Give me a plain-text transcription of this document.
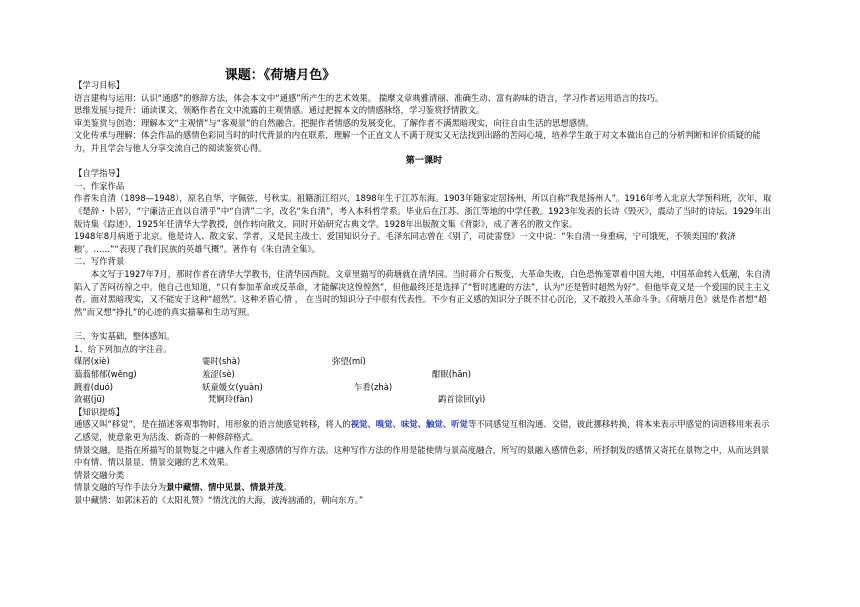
课题：《荷塘月色》

【学习目标】

语言建构与运用：认识“通感”的修辞方法，体会本文中“通感”所产生的艺术效果。 揣摩文章典雅清丽、准确生动、富有韵味的语言，学习作者运用语言的技巧。

思维发展与提升：诵读课文，领略作者在文中流露的主观情感。通过把握本文的情感脉络，学习鉴赏抒情散文。

审美鉴赏与创造：理解本文“主观情”与“客观景”的自然融合。把握作者情感的发展变化，了解作者不满黑暗现实，向往自由生活的思想感情。

文化传承与理解：体会作品的感情色彩同当时的时代背景的内在联系，理解一个正直文人不满于现实又无法找到出路的苦闷心境，培养学生敢于对文本做出自己的分析判断和评价质疑的能力，并且学会与他人分享交流自己的阅读鉴赏心得。

第一课时

【自学指导】

一、作家作品

作者朱自清（1898—1948），原名自华，字佩弦，号秋实。祖籍浙江绍兴，1898年生于江苏东海。1903年随家定居扬州，所以自称“我是扬州人”。1916年考入北京大学预科班，次年，取《楚辞・卜居》，“宁廉洁正直以自清乎”中“自清”二字，改名“朱自清”，考入本科哲学系。毕业后在江苏、浙江等地的中学任教。1923年发表的长诗《毁灭》，震动了当时的诗坛。1929年出版诗集《踪迹》，1925年任清华大学教授，创作转向散文，同时开始研究古典文学。1928年出版散文集《背影》，成了著名的散文作家。

1948年8月病逝于北京。他是诗人、散文家、学者，又是民主战士、爱国知识分子。毛泽东同志曾在《别了，司徒雷登》一文中说：“朱自清一身重病，宁可饿死，不领美国的‘救济粮’。……”“表现了我们民族的英雄气概”。著作有《朱自清全集》。

二、写作背景

本文写于1927年7月，那时作者在清华大学教书，住清华园西院。文章里描写的荷塘就在清华园。当时蒋介石叛变，大革命失败，白色恐怖笼罩着中国大地，中国革命转入低潮，朱自清陷入了苦闷彷徨之中。他自己也知道，“只有参加革命或反革命，才能解决这惶惶然”，但他最终还是选择了“暂时逃避的方法”，认为“还是暂时超然为好”。但他毕竟又是一个爱国的民主主义者，面对黑暗现实，又不能安于这种“超然”。这种矛盾心情 ， 在当时的知识分子中很有代表性。不少有正义感的知识分子既不甘心沉沦，又不敢投入革命斗争。《荷塘月色》就是作者想“超然”而又想“挣扎”的心迹的真实描摹和生动写照。

三、夯实基础，整体感知。

1、给下列加点的字注音。

煤屑(xiè)	霎时(shà)	弥望(mí)
蓊蓊郁郁(wěng)	羞涩(sè)	酣眠(hān)
踱着(duó)	妖童媛女(yuàn)	乍看(zhà)
敛裾(jū)	梵婀玲(fàn)	鹢首徐回(yì)

【知识提炼】

通感又叫“移觉”，是在描述客观事物时，用形象的语言使感觉转移，将人的视觉、嗅觉、味觉、触觉、听觉等不同感觉互相沟通、交错，彼此挪移转换，将本来表示甲感觉的词语移用来表示乙感觉，使意象更为活泼、新奇的一种修辞格式。

情景交融，是指在所描写的景物复之中融入作者主观感情的写作方法。这种写作方法的作用是能使情与景高度融合，所写的景融入感情色彩，所抒制发的感情又寄托在景物之中，从而达到景中有情、情以景显、情景交融的艺术效果。

情景交融分类

情景交融的写作手法分为景中藏情、情中见景、情景并茂。

景中藏情：如郭沫若的《太阳礼赞》“情沈沈的大海，波涛汹涌的，朝向东方。”
